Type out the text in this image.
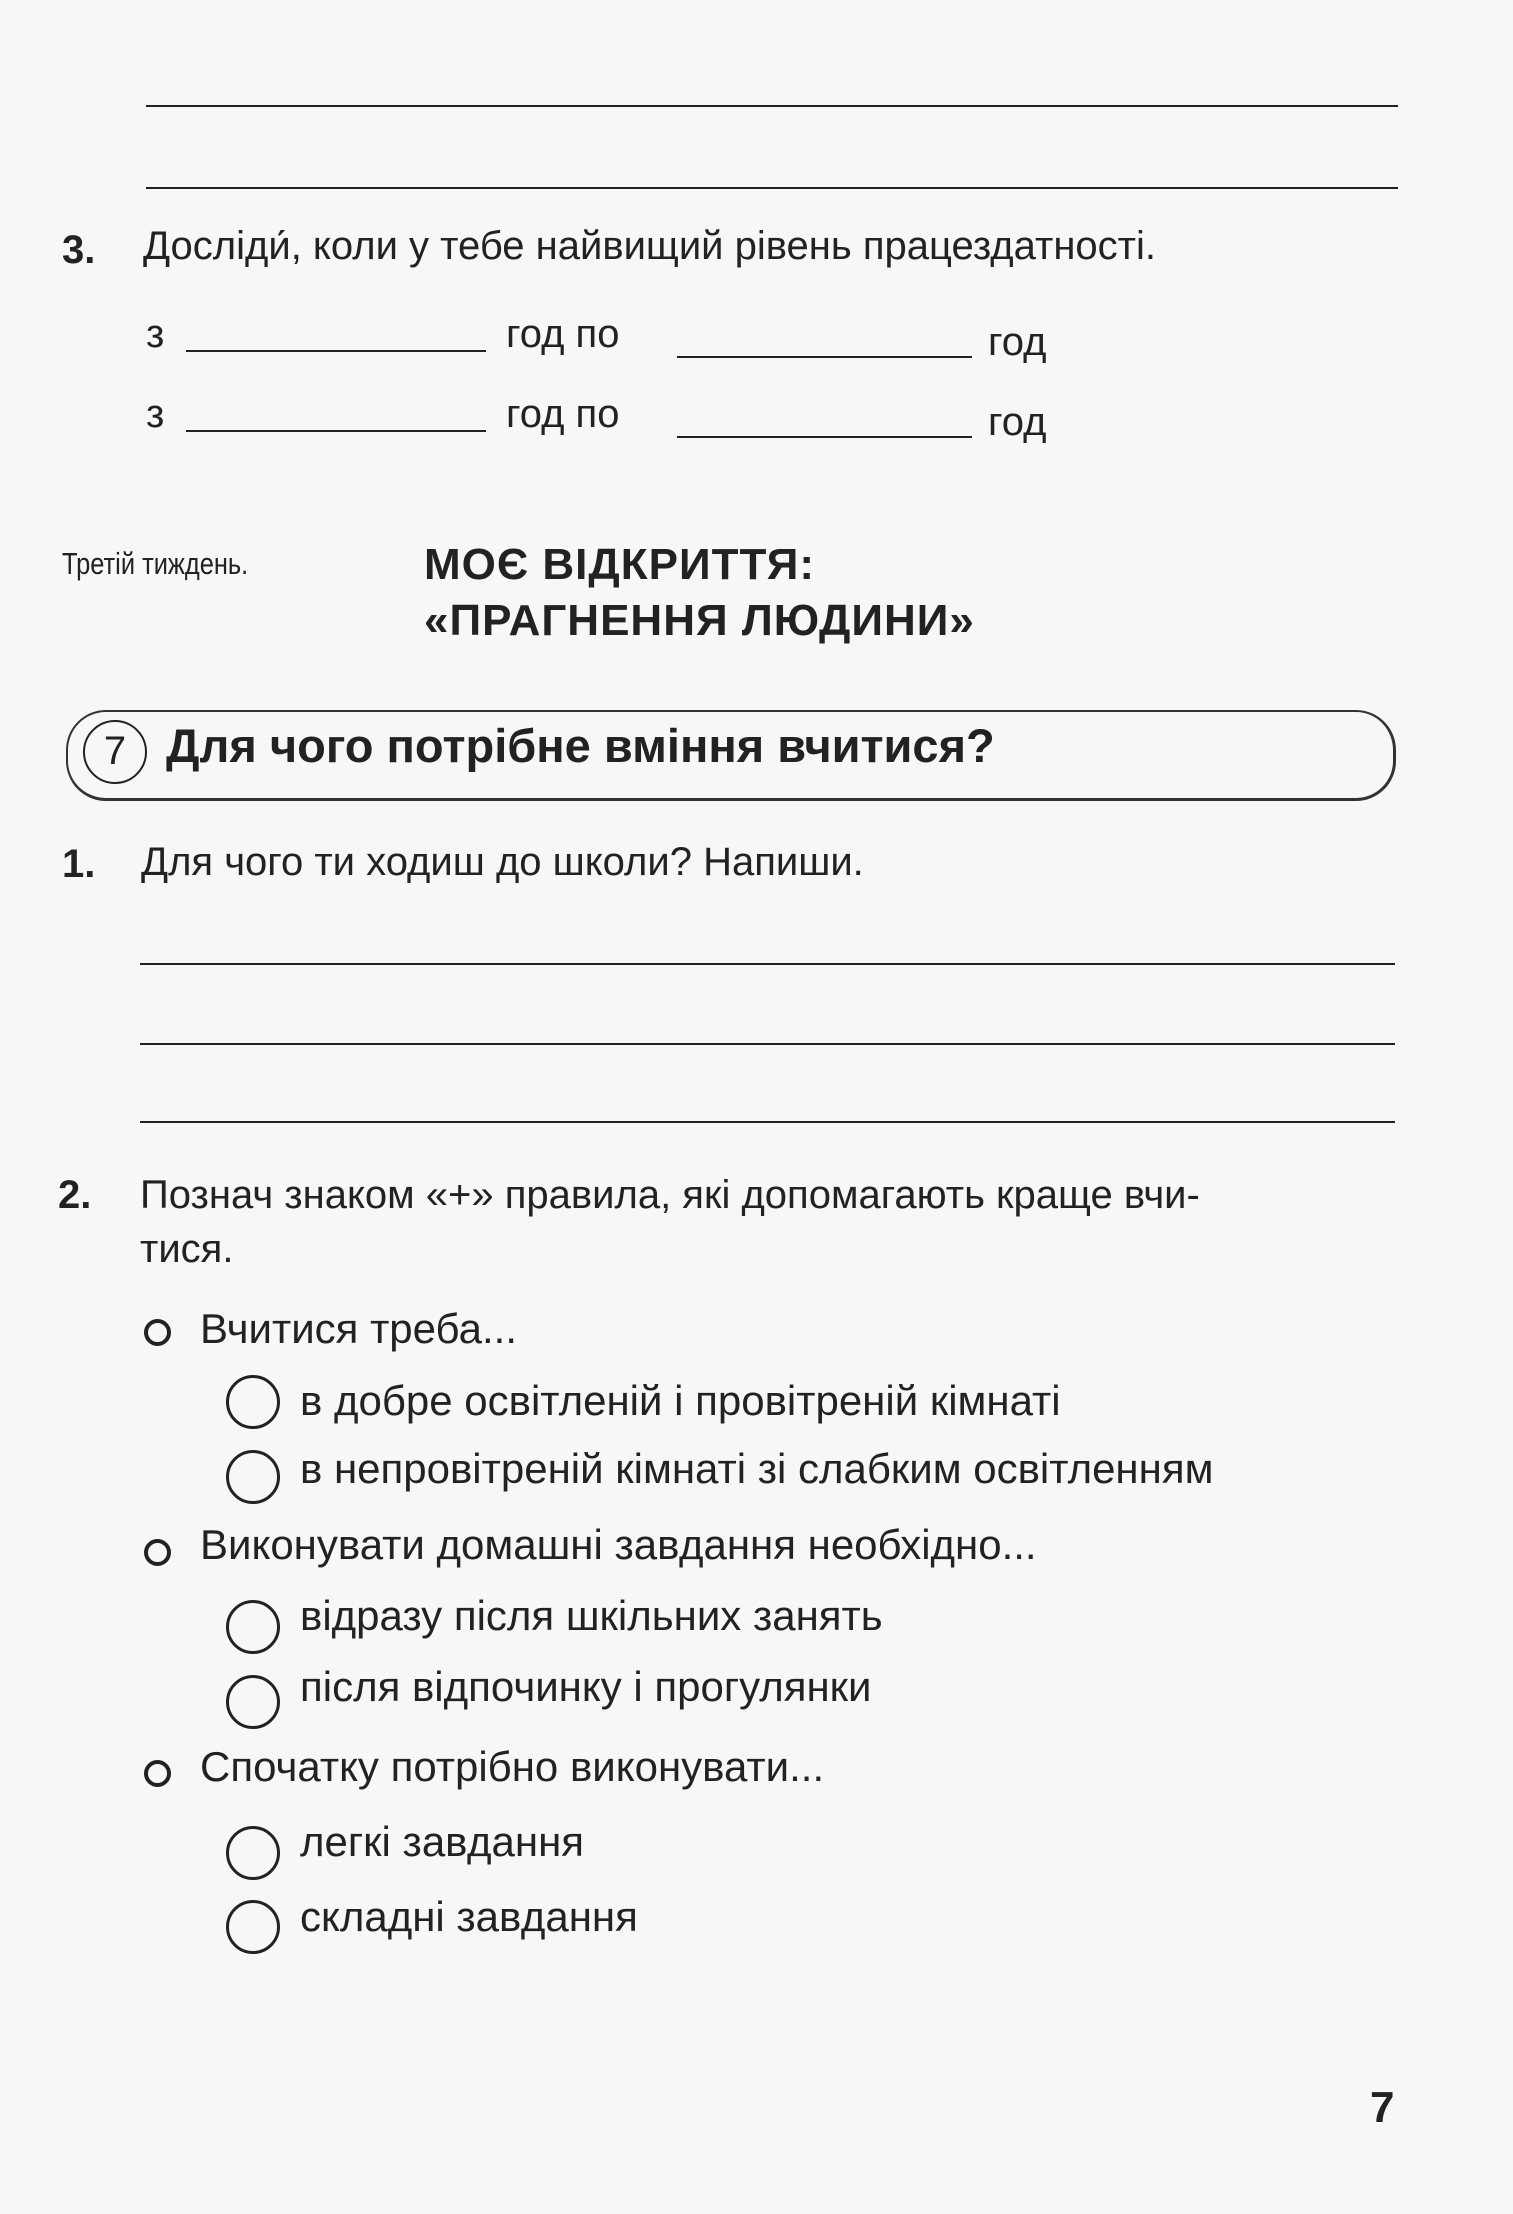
3. Досліди́, коли у тебе найвищий рівень працездатності.
з	год по	год
з	год по	год
Третій тиждень.	МОЄ ВІДКРИТТЯ:
«ПРАГНЕННЯ ЛЮДИНИ»
7 Для чого потрібне вміння вчитися?
1. Для чого ти ходиш до школи? Напиши.
2. Познач знаком «+» правила, які допомагають краще вчи-
тися.
Вчитися треба...
в добре освітленій і провітреній кімнаті
в непровітреній кімнаті зі слабким освітленням
Виконувати домашні завдання необхідно...
відразу після шкільних занять
після відпочинку і прогулянки
Спочатку потрібно виконувати...
легкі завдання
складні завдання
7
